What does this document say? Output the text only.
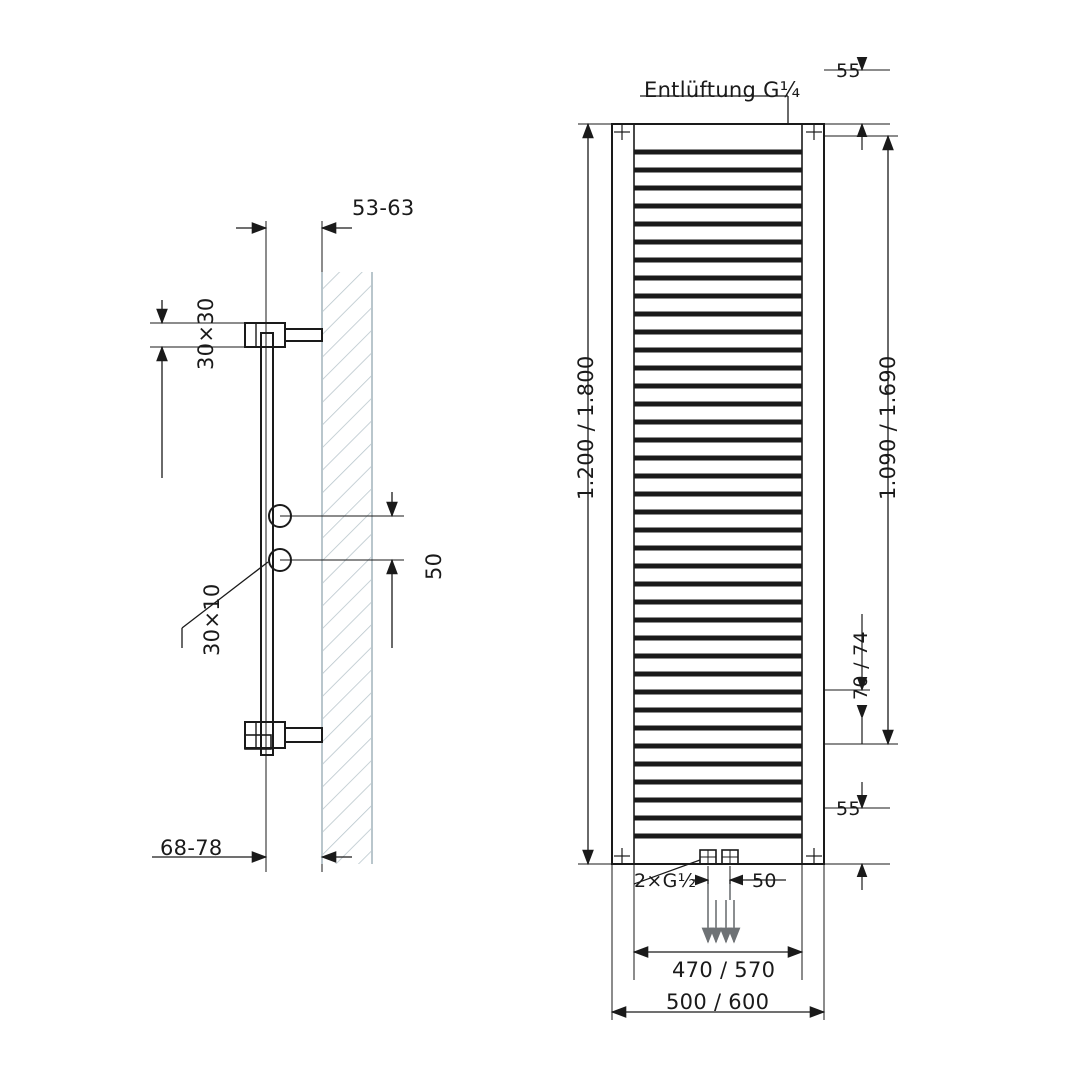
53-63
30×30
50
30×10
68-78
Entlüftung G¼
55
1.200 / 1.800	1.090 / 1.690
70 / 74
55
2×G½	50
470 / 570
500 / 600
